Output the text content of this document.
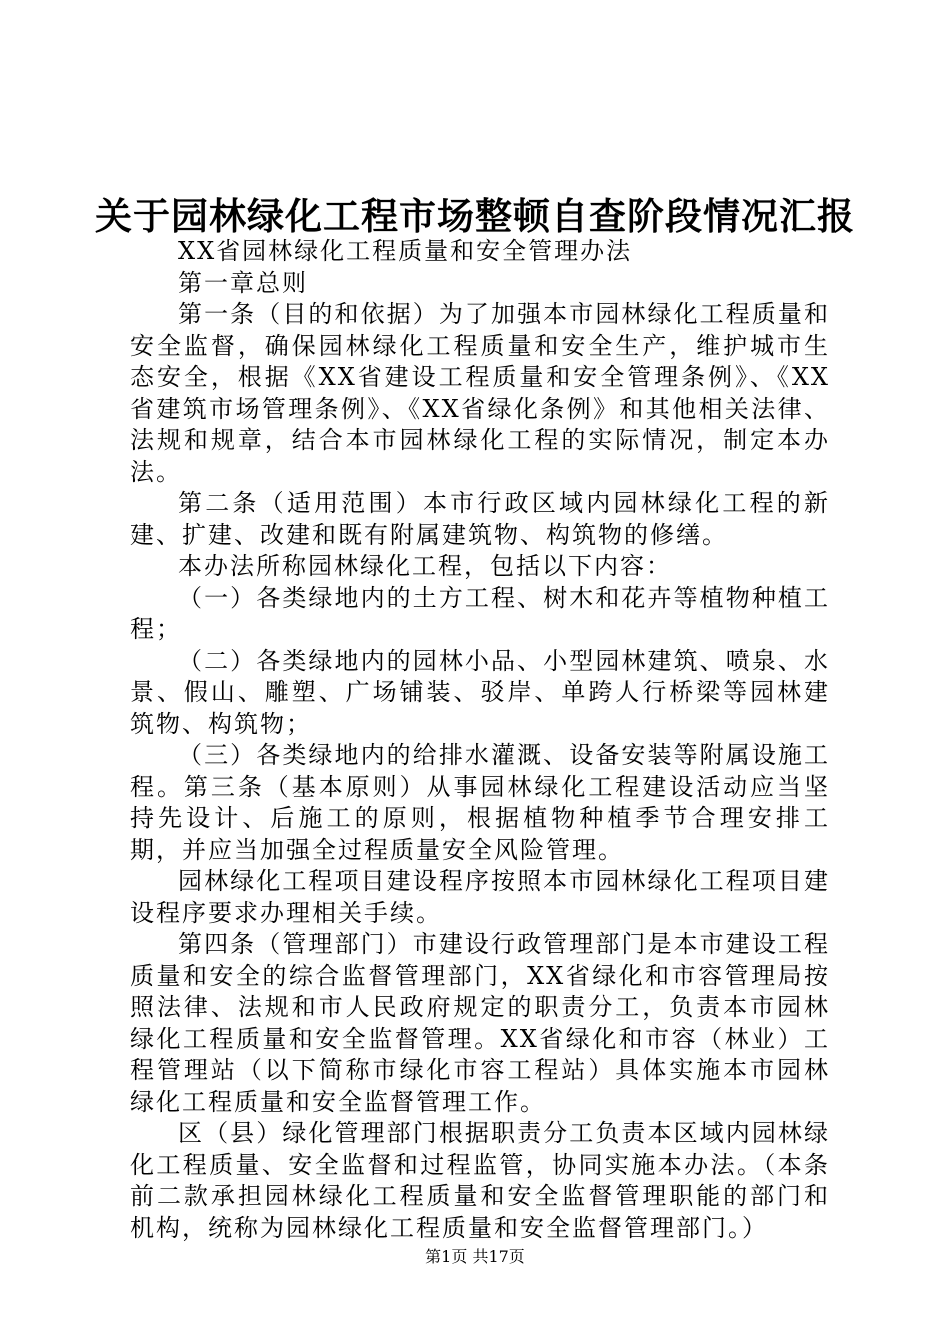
关于园林绿化工程市场整顿自查阶段情况汇报

XX省园林绿化工程质量和安全管理办法

第一章总则

第一条（目的和依据）为了加强本市园林绿化工程质量和安全监督，确保园林绿化工程质量和安全生产，维护城市生态安全，根据《XX省建设工程质量和安全管理条例》、《XX省建筑市场管理条例》、《XX省绿化条例》和其他相关法律、法规和规章，结合本市园林绿化工程的实际情况，制定本办法。

第二条（适用范围）本市行政区域内园林绿化工程的新建、扩建、改建和既有附属建筑物、构筑物的修缮。

本办法所称园林绿化工程，包括以下内容：

（一）各类绿地内的土方工程、树木和花卉等植物种植工程；

（二）各类绿地内的园林小品、小型园林建筑、喷泉、水景、假山、雕塑、广场铺装、驳岸、单跨人行桥梁等园林建筑物、构筑物；

（三）各类绿地内的给排水灌溉、设备安装等附属设施工程。第三条（基本原则）从事园林绿化工程建设活动应当坚持先设计、后施工的原则，根据植物种植季节合理安排工期，并应当加强全过程质量安全风险管理。

园林绿化工程项目建设程序按照本市园林绿化工程项目建设程序要求办理相关手续。

第四条（管理部门）市建设行政管理部门是本市建设工程质量和安全的综合监督管理部门，XX省绿化和市容管理局按照法律、法规和市人民政府规定的职责分工，负责本市园林绿化工程质量和安全监督管理。XX省绿化和市容（林业）工程管理站（以下简称市绿化市容工程站）具体实施本市园林绿化工程质量和安全监督管理工作。

区（县）绿化管理部门根据职责分工负责本区域内园林绿化工程质量、安全监督和过程监管，协同实施本办法。（本条前二款承担园林绿化工程质量和安全监督管理职能的部门和机构，统称为园林绿化工程质量和安全监督管理部门。）

第1页 共17页
